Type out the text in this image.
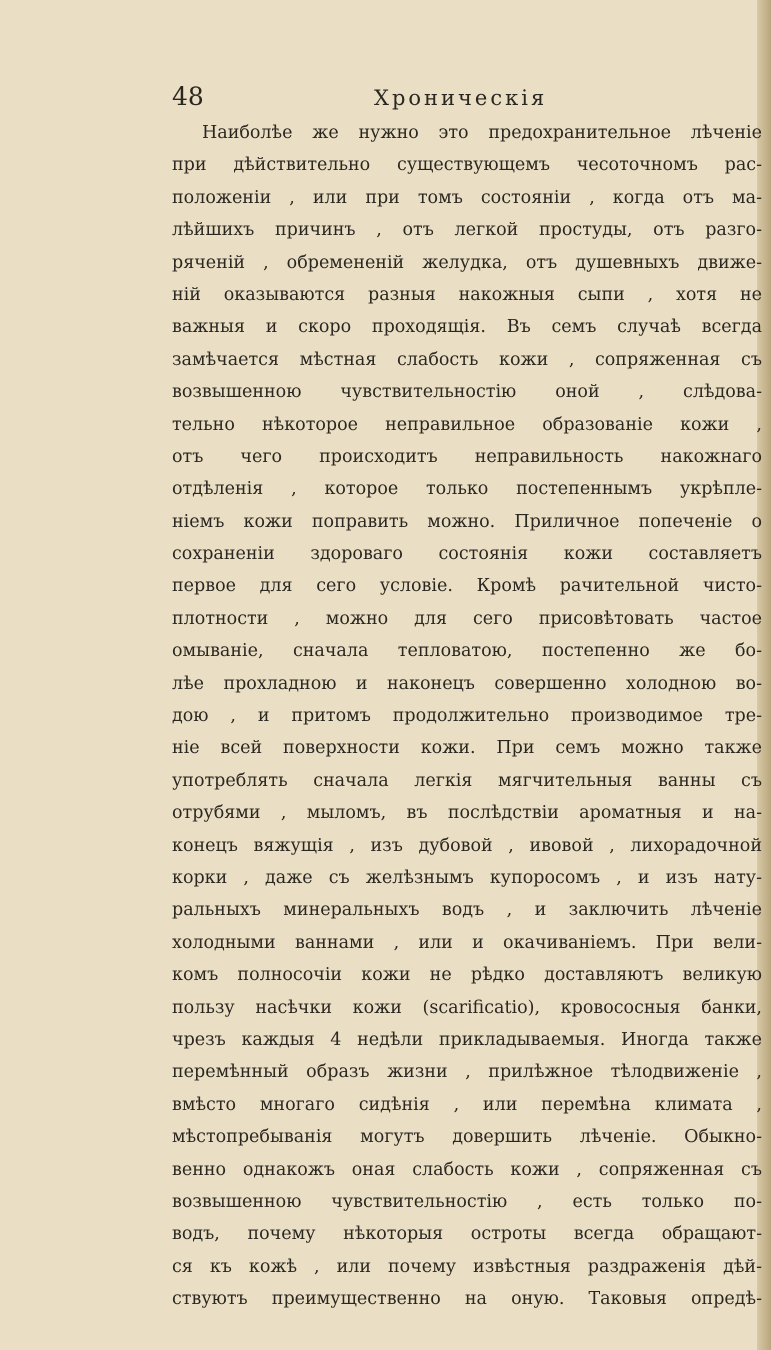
48	Хроническія
Наиболѣе же нужно это предохранительное лѣченіе
при дѣйствительно существующемъ чесоточномъ рас-
положеніи , или при томъ состояніи , когда отъ ма-
лѣйшихъ причинъ , отъ легкой простуды, отъ разго-
ряченій , обремененій желудка, отъ душевныхъ движе-
ній оказываются разныя накожныя сыпи , хотя не
важныя и скоро проходящія. Въ семъ случаѣ всегда
замѣчается мѣстная слабость кожи , сопряженная съ
возвышенною чувствительностію оной , слѣдова-
тельно нѣкоторое неправильное образованіе кожи ,
отъ чего происходитъ неправильность накожнаго
отдѣленія , которое только постепеннымъ укрѣпле-
ніемъ кожи поправить можно. Приличное попеченіе о
сохраненіи здороваго состоянія кожи составляетъ
первое для сего условіе. Кромѣ рачительной чисто-
плотности , можно для сего присовѣтовать частое
омываніе, сначала тепловатою, постепенно же бо-
лѣе прохладною и наконецъ совершенно холодною во-
дою , и притомъ продолжительно производимое тре-
ніе всей поверхности кожи. При семъ можно также
употреблять сначала легкія мягчительныя ванны съ
отрубями , мыломъ, въ послѣдствіи ароматныя и на-
конецъ вяжущія , изъ дубовой , ивовой , лихорадочной
корки , даже съ желѣзнымъ купоросомъ , и изъ нату-
ральныхъ минеральныхъ водъ , и заключить лѣченіе
холодными ваннами , или и окачиваніемъ. При вели-
комъ полносочіи кожи не рѣдко доставляютъ великую
пользу насѣчки кожи (scarificatio), кровососныя банки,
чрезъ каждыя 4 недѣли прикладываемыя. Иногда также
перемѣнный образъ жизни , прилѣжное тѣлодвиженіе ,
вмѣсто многаго сидѣнія , или перемѣна климата ,
мѣстопребыванія могутъ довершить лѣченіе. Обыкно-
венно однакожъ оная слабость кожи , сопряженная съ
возвышенною чувствительностію , есть только по-
водъ, почему нѣкоторыя остроты всегда обращают-
ся къ кожѣ , или почему извѣстныя раздраженія дѣй-
ствуютъ преимущественно на оную. Таковыя опредѣ-
